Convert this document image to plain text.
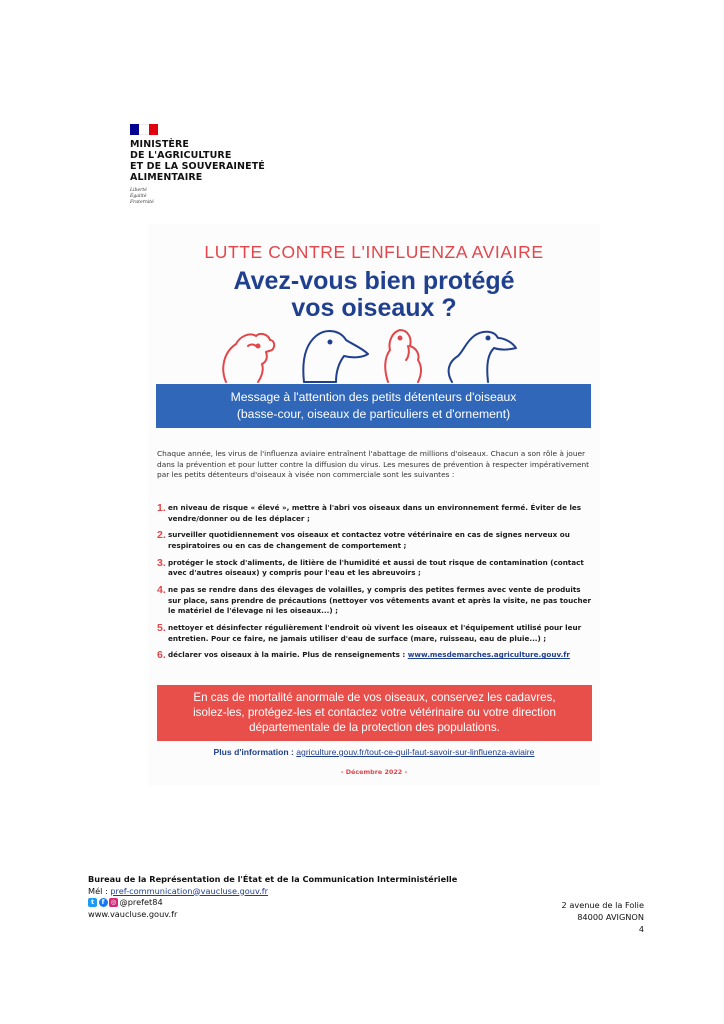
MINISTÈRE
DE L'AGRICULTURE
ET DE LA SOUVERAINETÉ
ALIMENTAIRE
Liberté
Égalité
Fraternité
LUTTE CONTRE L'INFLUENZA AVIAIRE
Avez-vous bien protégé
vos oiseaux ?
Message à l'attention des petits détenteurs d'oiseaux
(basse-cour, oiseaux de particuliers et d'ornement)
Chaque année, les virus de l'influenza aviaire entraînent l'abattage de millions d'oiseaux. Chacun a son rôle à jouer dans la prévention et pour lutter contre la diffusion du virus. Les mesures de prévention à respecter impérativement par les petits détenteurs d'oiseaux à visée non commerciale sont les suivantes :
1. en niveau de risque « élevé », mettre à l'abri vos oiseaux dans un environnement fermé. Éviter de les vendre/donner ou de les déplacer ;
2. surveiller quotidiennement vos oiseaux et contactez votre vétérinaire en cas de signes nerveux ou respiratoires ou en cas de changement de comportement ;
3. protéger le stock d'aliments, de litière de l'humidité et aussi de tout risque de contamination (contact avec d'autres oiseaux) y compris pour l'eau et les abreuvoirs ;
4. ne pas se rendre dans des élevages de volailles, y compris des petites fermes avec vente de produits sur place, sans prendre de précautions (nettoyer vos vêtements avant et après la visite, ne pas toucher le matériel de l'élevage ni les oiseaux...) ;
5. nettoyer et désinfecter régulièrement l'endroit où vivent les oiseaux et l'équipement utilisé pour leur entretien. Pour ce faire, ne jamais utiliser d'eau de surface (mare, ruisseau, eau de pluie...) ;
6. déclarer vos oiseaux à la mairie. Plus de renseignements : www.mesdemarches.agriculture.gouv.fr
En cas de mortalité anormale de vos oiseaux, conservez les cadavres,
isolez-les, protégez-les et contactez votre vétérinaire ou votre direction
départementale de la protection des populations.
Plus d'information : agriculture.gouv.fr/tout-ce-quil-faut-savoir-sur-linfluenza-aviaire
- Décembre 2022 -
Bureau de la Représentation de l'État et de la Communication Interministérielle
Mél : pref-communication@vaucluse.gouv.fr
t	f ◎ @prefet84
www.vaucluse.gouv.fr
2 avenue de la Folie
84000 AVIGNON
4
